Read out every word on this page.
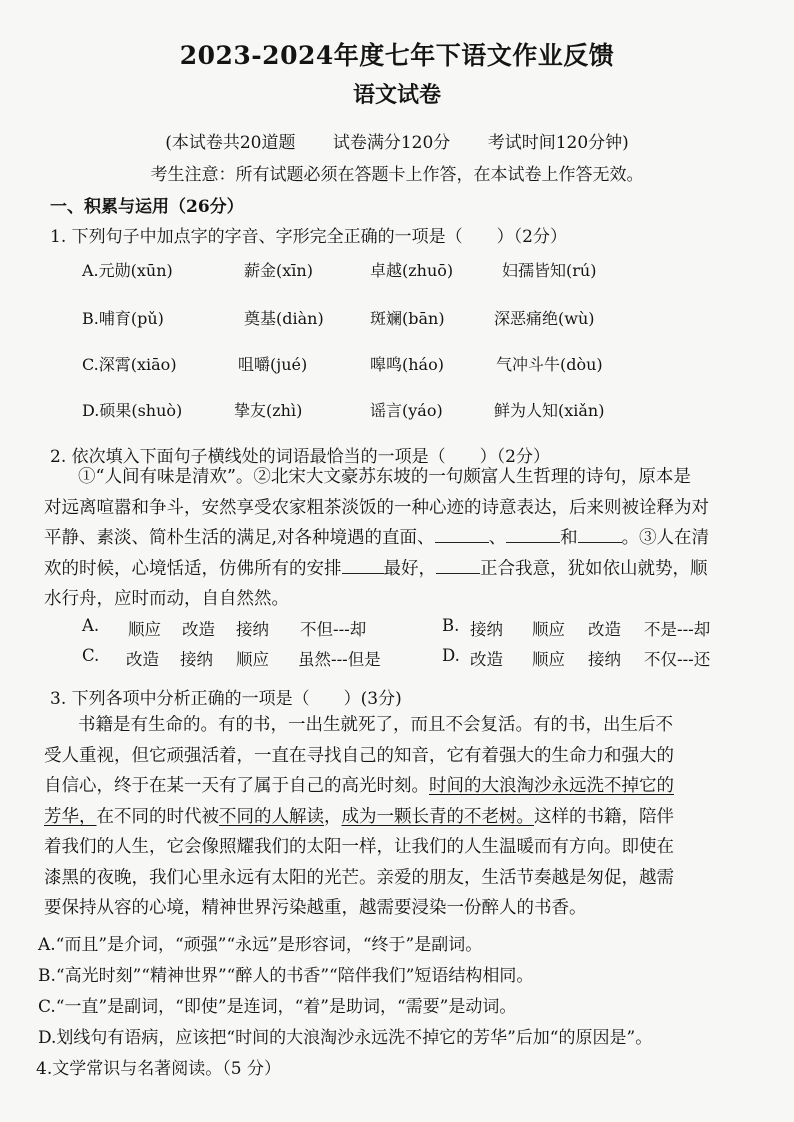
2023-2024年度七年下语文作业反馈
语文试卷
(本试卷共20道题 试卷满分120分 考试时间120分钟)
考生注意：所有试题必须在答题卡上作答，在本试卷上作答无效。
一、积累与运用（26分）
1. 下列句子中加点字的字音、字形完全正确的一项是（　　）（2分）
A.元勋(xūn)	薪金(xīn)	卓越(zhuō)	妇孺皆知(rú)
B.哺育(pǔ)	奠基(diàn)	斑斓(bān)	深恶痛绝(wù)
C.深霄(xiāo)	咀嚼(jué)	嗥鸣(háo)	气冲斗牛(dòu)
D.硕果(shuò)	挚友(zhì)	谣言(yáo)	鲜为人知(xiǎn)
2. 依次填入下面句子横线处的词语最恰当的一项是（　　）（2分）
①“人间有味是清欢”。②北宋大文豪苏东坡的一句颇富人生哲理的诗句，原本是
对远离喧嚣和争斗，安然享受农家粗茶淡饭的一种心迹的诗意表达，后来则被诠释为对
平静、素淡、简朴生活的满足,对各种境遇的直面、	、	和	。③人在清
欢的时候，心境恬适，仿佛所有的安排 最好，	正合我意，犹如依山就势，顺
水行舟，应时而动，自自然然。
A. 顺应 改造 接纳 不但---却	B. 接纳 顺应 改造 不是---却
C. 改造 接纳 顺应 虽然---但是	D. 改造 顺应 接纳 不仅---还
3. 下列各项中分析正确的一项是（　　）(3分)
书籍是有生命的。有的书，一出生就死了，而且不会复活。有的书，出生后不
受人重视，但它顽强活着，一直在寻找自己的知音，它有着强大的生命力和强大的
自信心，终于在某一天有了属于自己的高光时刻。时间的大浪淘沙永远洗不掉它的
芳华，在不同的时代被不同的人解读，成为一颗长青的不老树。这样的书籍，陪伴
着我们的人生，它会像照耀我们的太阳一样，让我们的人生温暖而有方向。即使在
漆黑的夜晚，我们心里永远有太阳的光芒。亲爱的朋友，生活节奏越是匆促，越需
要保持从容的心境，精神世界污染越重，越需要浸染一份醉人的书香。
A.“而且”是介词，“顽强”“永远”是形容词，“终于”是副词。
B.“高光时刻”“精神世界”“醉人的书香”“陪伴我们”短语结构相同。
C.“一直”是副词，“即使”是连词，“着”是助词，“需要”是动词。
D.划线句有语病，应该把“时间的大浪淘沙永远洗不掉它的芳华”后加“的原因是”。
4.文学常识与名著阅读。（5 分）
